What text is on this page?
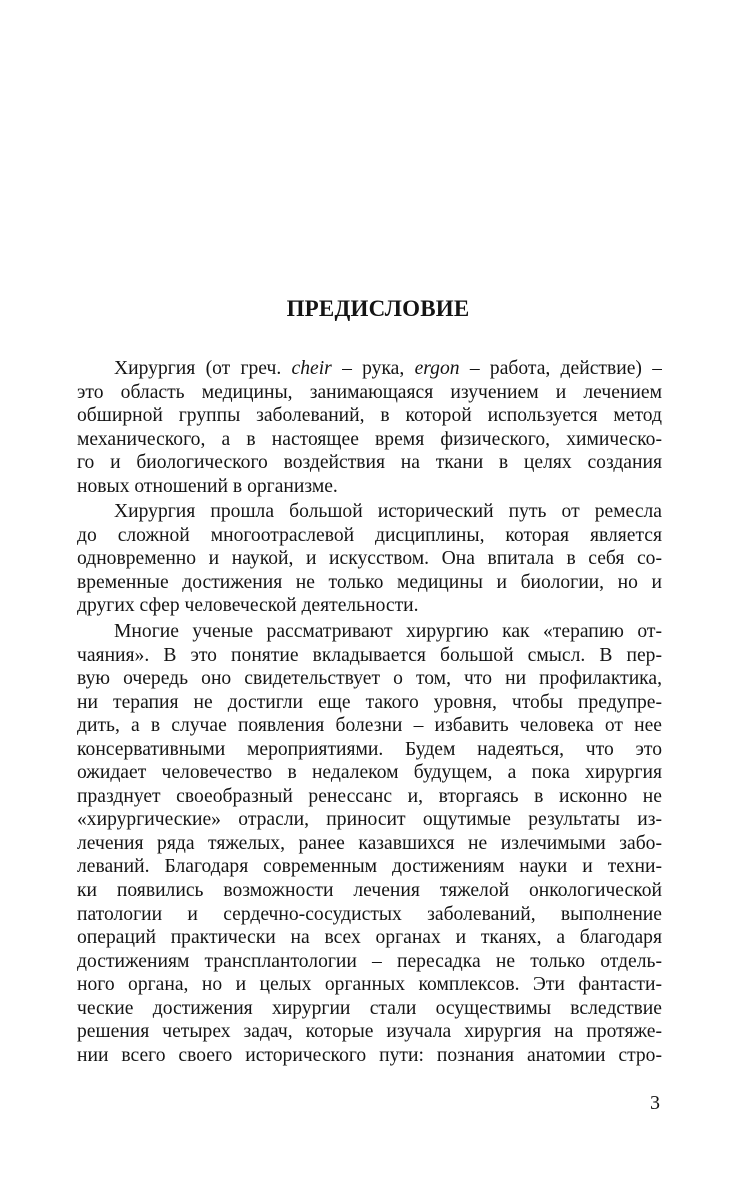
ПРЕДИСЛОВИЕ
Хирургия (от греч. cheir – рука, ergon – работа, действие) –
это область медицины, занимающаяся изучением и лечением
обширной группы заболеваний, в которой используется метод
механического, а в настоящее время физического, химическо-
го и биологического воздействия на ткани в целях создания
новых отношений в организме.
Хирургия прошла большой исторический путь от ремесла
до сложной многоотраслевой дисциплины, которая является
одновременно и наукой, и искусством. Она впитала в себя со-
временные достижения не только медицины и биологии, но и
других сфер человеческой деятельности.
Многие ученые рассматривают хирургию как «терапию от-
чаяния». В это понятие вкладывается большой смысл. В пер-
вую очередь оно свидетельствует о том, что ни профилактика,
ни терапия не достигли еще такого уровня, чтобы предупре-
дить, а в случае появления болезни – избавить человека от нее
консервативными мероприятиями. Будем надеяться, что это
ожидает человечество в недалеком будущем, а пока хирургия
празднует своеобразный ренессанс и, вторгаясь в исконно не
«хирургические» отрасли, приносит ощутимые результаты из-
лечения ряда тяжелых, ранее казавшихся не излечимыми забо-
леваний. Благодаря современным достижениям науки и техни-
ки появились возможности лечения тяжелой онкологической
патологии и сердечно-сосудистых заболеваний, выполнение
операций практически на всех органах и тканях, а благодаря
достижениям трансплантологии – пересадка не только отдель-
ного органа, но и целых органных комплексов. Эти фантасти-
ческие достижения хирургии стали осуществимы вследствие
решения четырех задач, которые изучала хирургия на протяже-
нии всего своего исторического пути: познания анатомии стро-
3
